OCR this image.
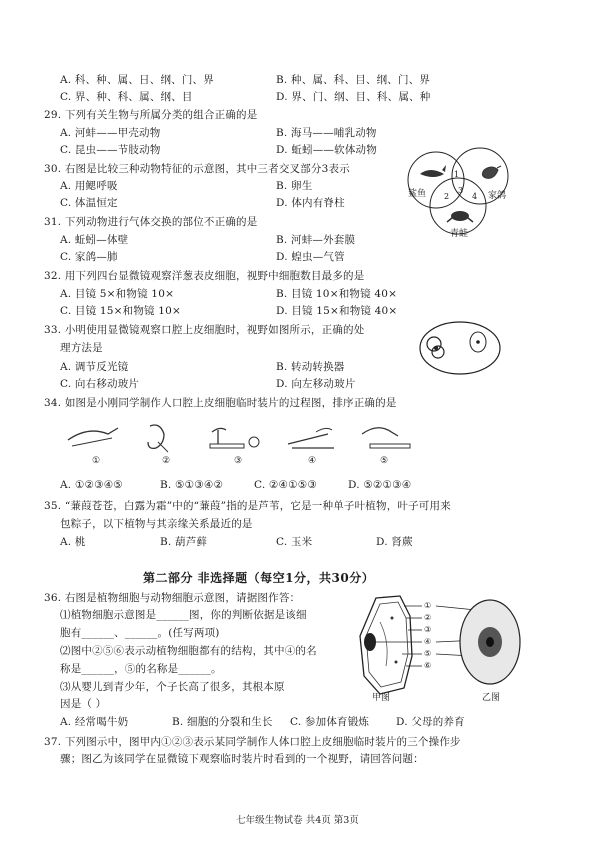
A. 科、种、属、日、纲、门、界	B. 种、属、科、目、纲、门、界
C. 界、种、科、属、纲、目	D. 界、门、纲、目、科、属、种
29. 下列有关生物与所属分类的组合正确的是
A. 河蚌——甲壳动物	B. 海马——哺乳动物
C. 昆虫——节肢动物	D. 蚯蚓——软体动物
30. 右图是比较三种动物特征的示意图，其中三者交叉部分3表示
A. 用鳃呼吸	B. 卵生
C. 体温恒定	D. 体内有脊柱
鲨鱼	家鸽
青蛙
1
2
3
4
31. 下列动物进行气体交换的部位不正确的是
A. 蚯蚓—体壁	B. 河蚌—外套膜
C. 家鸽—肺	D. 蝗虫—气管
32. 用下列四台显微镜观察洋葱表皮细胞，视野中细胞数目最多的是
A. 目镜 5×和物镜 10×	B. 目镜 10×和物镜 40×
C. 目镜 15×和物镜 10×	D. 目镜 15×和物镜 40×
33. 小明使用显微镜观察口腔上皮细胞时，视野如图所示，正确的处
理方法是
A. 调节反光镜	B. 转动转换器
C. 向右移动玻片	D. 向左移动玻片
34. 如图是小刚同学制作人口腔上皮细胞临时装片的过程图，排序正确的是
①	②	③	④	⑤
A. ①②③④⑤	B. ⑤①③④②	C. ②④①⑤③	D. ⑤②①③④
35. “蒹葭苍苍，白露为霜”中的“蒹葭”指的是芦苇，它是一种单子叶植物，叶子可用来
包粽子，以下植物与其亲缘关系最近的是
A. 桃	B. 葫芦藓	C. 玉米	D. 肾蕨
第二部分 非选择题（每空1分，共30分）
36. 右图是植物细胞与动物细胞示意图，请据图作答：
⑴植物细胞示意图是______图，你的判断依据是该细
胞有______、______。(任写两项)
⑵图中②⑤⑥表示动植物细胞都有的结构，其中④的名
称是______，⑤的名称是______。
⑶从婴儿到青少年，个子长高了很多，其根本原
因是（ ）
A. 经常喝牛奶	B. 细胞的分裂和生长 C. 参加体育锻炼	D. 父母的养育
①
②
③
④
⑤
⑥
甲图	乙图
37. 下列图示中，图甲内①②③表示某同学制作人体口腔上皮细胞临时装片的三个操作步
骤；图乙为该同学在显微镜下观察临时装片时看到的一个视野，请回答问题：
七年级生物试卷 共4页 第3页
